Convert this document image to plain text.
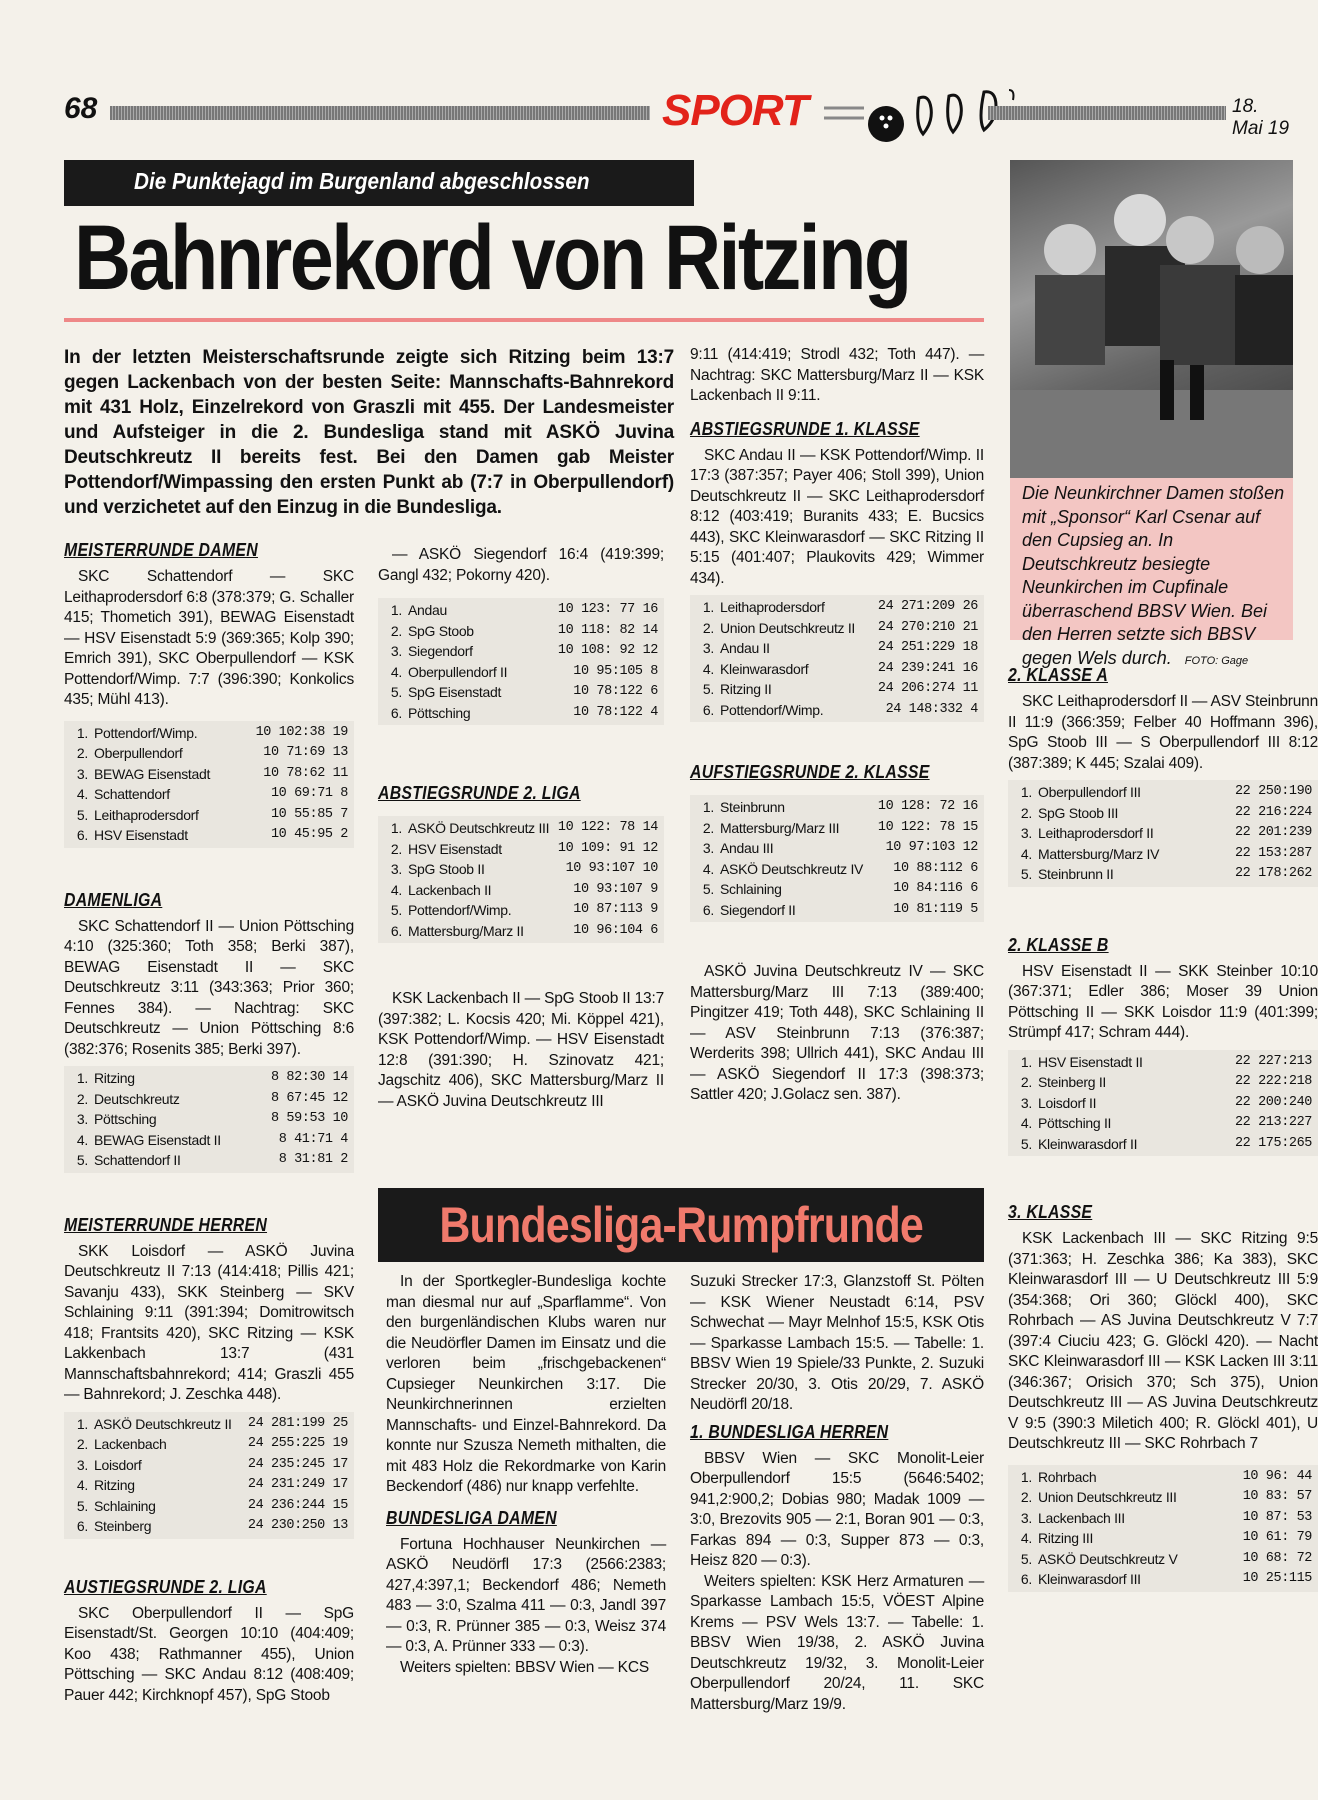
68	SPORT	18. Mai 19
Die Punktejagd im Burgenland abgeschlossen
Bahnrekord von Ritzing
Die Neunkirchner Damen stoßen mit „Sponsor“ Karl Csenar auf den Cupsieg an. In Deutschkreutz besiegte Neunkirchen im Cupfinale überraschend BBSV Wien. Bei den Herren setzte sich BBSV gegen Wels durch. FOTO: Gage
In der letzten Meisterschaftsrunde zeigte sich Ritzing beim 13:7 gegen Lackenbach von der besten Seite: Mannschafts-Bahnrekord mit 431 Holz, Einzelrekord von Graszli mit 455. Der Landesmeister und Aufsteiger in die 2. Bundesliga stand mit ASKÖ Juvina Deutschkreutz II bereits fest. Bei den Damen gab Meister Pottendorf/Wimpassing den ersten Punkt ab (7:7 in Oberpullendorf) und verzichetet auf den Einzug in die Bundesliga.
MEISTERRUNDE DAMEN
SKC Schattendorf — SKC Leithaprodersdorf 6:8 (378:379; G. Schaller 415; Thometich 391), BEWAG Eisenstadt — HSV Eisenstadt 5:9 (369:365; Kolp 390; Emrich 391), SKC Oberpullendorf — KSK Pottendorf/Wimp. 7:7 (396:390; Konkolics 435; Mühl 413).
1. Pottendorf/Wimp.	10 102:38 19
2. Oberpullendorf	10 71:69 13
3. BEWAG Eisenstadt	10 78:62 11
4. Schattendorf	10 69:71 8
5. Leithaprodersdorf	10 55:85 7
6. HSV Eisenstadt	10 45:95 2
DAMENLIGA
SKC Schattendorf II — Union Pöttsching 4:10 (325:360; Toth 358; Berki 387), BEWAG Eisenstadt II — SKC Deutschkreutz 3:11 (343:363; Prior 360; Fennes 384). — Nachtrag: SKC Deutschkreutz — Union Pöttsching 8:6 (382:376; Rosenits 385; Berki 397).
1. Ritzing	8 82:30 14
2. Deutschkreutz	8 67:45 12
3. Pöttsching	8 59:53 10
4. BEWAG Eisenstadt II	8 41:71 4
5. Schattendorf II	8 31:81 2
MEISTERRUNDE HERREN
SKK Loisdorf — ASKÖ Juvina Deutschkreutz II 7:13 (414:418; Pillis 421; Savanju 433), SKK Steinberg — SKV Schlaining 9:11 (391:394; Domitrowitsch 418; Frantsits 420), SKC Ritzing — KSK Lakkenbach 13:7 (431 Mannschaftsbahnrekord; 414; Graszli 455 — Bahnrekord; J. Zeschka 448).
1. ASKÖ Deutschkreutz II 24 281:199 25
2. Lackenbach	24 255:225 19
3. Loisdorf	24 235:245 17
4. Ritzing	24 231:249 17
5. Schlaining	24 236:244 15
6. Steinberg	24 230:250 13
AUSTIEGSRUNDE 2. LIGA
SKC Oberpullendorf II — SpG Eisenstadt/St. Georgen 10:10 (404:409; Koo 438; Rathmanner 455), Union Pöttsching — SKC Andau 8:12 (408:409; Pauer 442; Kirchknopf 457), SpG Stoob
— ASKÖ Siegendorf 16:4 (419:399; Gangl 432; Pokorny 420).
1. Andau	10 123: 77 16
2. SpG Stoob	10 118: 82 14
3. Siegendorf	10 108: 92 12
4. Oberpullendorf II	10 95:105 8
5. SpG Eisenstadt	10 78:122 6
6. Pöttsching	10 78:122 4
ABSTIEGSRUNDE 2. LIGA
1. ASKÖ Deutschkreutz III 10 122: 78 14
2. HSV Eisenstadt	10 109: 91 12
3. SpG Stoob II	10 93:107 10
4. Lackenbach II	10 93:107 9
5. Pottendorf/Wimp.	10 87:113 9
6. Mattersburg/Marz II	10 96:104 6
KSK Lackenbach II — SpG Stoob II 13:7 (397:382; L. Kocsis 420; Mi. Köppel 421), KSK Pottendorf/Wimp. — HSV Eisenstadt 12:8 (391:390; H. Szinovatz 421; Jagschitz 406), SKC Mattersburg/Marz II — ASKÖ Juvina Deutschkreutz III
9:11 (414:419; Strodl 432; Toth 447). — Nachtrag: SKC Mattersburg/Marz II — KSK Lackenbach II 9:11.
ABSTIEGSRUNDE 1. KLASSE
SKC Andau II — KSK Pottendorf/Wimp. II 17:3 (387:357; Payer 406; Stoll 399), Union Deutschkreutz II — SKC Leithaprodersdorf 8:12 (403:419; Buranits 433; E. Bucsics 443), SKC Kleinwarasdorf — SKC Ritzing II 5:15 (401:407; Plaukovits 429; Wimmer 434).
1. Leithaprodersdorf	24 271:209 26
2. Union Deutschkreutz II 24 270:210 21
3. Andau II	24 251:229 18
4. Kleinwarasdorf	24 239:241 16
5. Ritzing II	24 206:274 11
6. Pottendorf/Wimp.	24 148:332 4
AUFSTIEGSRUNDE 2. KLASSE
1. Steinbrunn	10 128: 72 16
2. Mattersburg/Marz III	10 122: 78 15
3. Andau III	10 97:103 12
4. ASKÖ Deutschkreutz IV 10 88:112 6
5. Schlaining	10 84:116 6
6. Siegendorf II	10 81:119 5
ASKÖ Juvina Deutschkreutz IV — SKC Mattersburg/Marz III 7:13 (389:400; Pingitzer 419; Toth 448), SKC Schlaining II — ASV Steinbrunn 7:13 (376:387; Werderits 398; Ullrich 441), SKC Andau III — ASKÖ Siegendorf II 17:3 (398:373; Sattler 420; J.Golacz sen. 387).
Bundesliga-Rumpfrunde
In der Sportkegler-Bundesliga kochte man diesmal nur auf „Sparflamme“. Von den burgenländischen Klubs waren nur die Neudörfler Damen im Einsatz und die verloren beim „frischgebackenen“ Cupsieger Neunkirchen 3:17. Die Neunkirchnerinnen erzielten Mannschafts- und Einzel-Bahnrekord. Da konnte nur Szusza Nemeth mithalten, die mit 483 Holz die Rekordmarke von Karin Beckendorf (486) nur knapp verfehlte.
BUNDESLIGA DAMEN
Fortuna Hochhauser Neunkirchen — ASKÖ Neudörfl 17:3 (2566:2383; 427,4:397,1; Beckendorf 486; Nemeth 483 — 3:0, Szalma 411 — 0:3, Jandl 397 — 0:3, R. Prünner 385 — 0:3, Weisz 374 — 0:3, A. Prünner 333 — 0:3).
Weiters spielten: BBSV Wien — KCS
Suzuki Strecker 17:3, Glanzstoff St. Pölten — KSK Wiener Neustadt 6:14, PSV Schwechat — Mayr Melnhof 15:5, KSK Otis — Sparkasse Lambach 15:5. — Tabelle: 1. BBSV Wien 19 Spiele/33 Punkte, 2. Suzuki Strecker 20/30, 3. Otis 20/29, 7. ASKÖ Neudörfl 20/18.
1. BUNDESLIGA HERREN
BBSV Wien — SKC Monolit-Leier Oberpullendorf 15:5 (5646:5402; 941,2:900,2; Dobias 980; Madak 1009 — 3:0, Brezovits 905 — 2:1, Boran 901 — 0:3, Farkas 894 — 0:3, Supper 873 — 0:3, Heisz 820 — 0:3).
Weiters spielten: KSK Herz Armaturen — Sparkasse Lambach 15:5, VÖEST Alpine Krems — PSV Wels 13:7. — Tabelle: 1. BBSV Wien 19/38, 2. ASKÖ Juvina Deutschkreutz 19/32, 3. Monolit-Leier Oberpullendorf 20/24, 11. SKC Mattersburg/Marz 19/9.
2. KLASSE A
SKC Leithaprodersdorf II — ASV Steinbrunn II 11:9 (366:359; Felber 40 Hoffmann 396), SpG Stoob III — S Oberpullendorf III 8:12 (387:389; K 445; Szalai 409).
1. Oberpullendorf III	22 250:190
2. SpG Stoob III	22 216:224
3. Leithaprodersdorf II	22 201:239
4. Mattersburg/Marz IV	22 153:287
5. Steinbrunn II	22 178:262
2. KLASSE B
HSV Eisenstadt II — SKK Steinber 10:10 (367:371; Edler 386; Moser 39 Union Pöttsching II — SKK Loisdor 11:9 (401:399; Strümpf 417; Schram 444).
1. HSV Eisenstadt II	22 227:213
2. Steinberg II	22 222:218
3. Loisdorf II	22 200:240
4. Pöttsching II	22 213:227
5. Kleinwarasdorf II	22 175:265
3. KLASSE
KSK Lackenbach III — SKC Ritzing 9:5 (371:363; H. Zeschka 386; Ka 383), SKC Kleinwarasdorf III — U Deutschkreutz III 5:9 (354:368; Ori 360; Glöckl 400), SKC Rohrbach — AS Juvina Deutschkreutz V 7:7 (397:4 Ciuciu 423; G. Glöckl 420). — Nacht SKC Kleinwarasdorf III — KSK Lacken III 3:11 (346:367; Orisich 370; Sch 375), Union Deutschkreutz III — AS Juvina Deutschkreutz V 9:5 (390:3 Miletich 400; R. Glöckl 401), U Deutschkreutz III — SKC Rohrbach 7
1. Rohrbach	10 96: 44
2. Union Deutschkreutz III	10 83: 57
3. Lackenbach III	10 87: 53
4. Ritzing III	10 61: 79
5. ASKÖ Deutschkreutz V	10 68: 72
6. Kleinwarasdorf III	10 25:115
